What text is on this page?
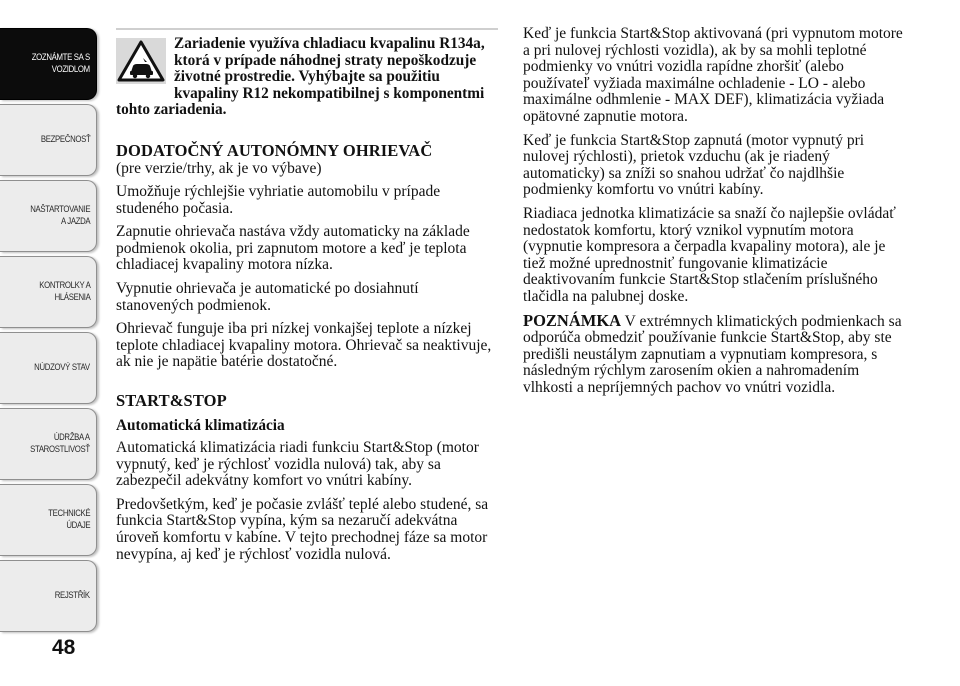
ZOZNÁMTE SA S
VOZIDLOM
BEZPEČNOSŤ
NAŠTARTOVANIE
A JAZDA
KONTROLKY A
HLÁSENIA
NÚDZOVÝ STAV
ÚDRŽBA A
STAROSTLIVOSŤ
TECHNICKÉ
ÚDAJE
REJSTŘÍK
48
Zariadenie využíva chladiacu kvapalinu R134a, ktorá v prípade náhodnej straty nepoškodzuje životné prostredie. Vyhýbajte sa použitiu kvapaliny R12 nekompatibilnej s komponentmi tohto zariadenia.
DODATOČNÝ AUTONÓMNY OHRIEVAČ
(pre verzie/trhy, ak je vo výbave)

Umožňuje rýchlejšie vyhriatie automobilu v prípade studeného počasia.

Zapnutie ohrievača nastáva vždy automaticky na základe podmienok okolia, pri zapnutom motore a keď je teplota chladiacej kvapaliny motora nízka.

Vypnutie ohrievača je automatické po dosiahnutí stanovených podmienok.

Ohrievač funguje iba pri nízkej vonkajšej teplote a nízkej teplote chladiacej kvapaliny motora. Ohrievač sa neaktivuje, ak nie je napätie batérie dostatočné.

START&STOP
Automatická klimatizácia

Automatická klimatizácia riadi funkciu Start&Stop (motor vypnutý, keď je rýchlosť vozidla nulová) tak, aby sa zabezpečil adekvátny komfort vo vnútri kabíny.

Predovšetkým, keď je počasie zvlášť teplé alebo studené, sa funkcia Start&Stop vypína, kým sa nezaručí adekvátna úroveň komfortu v kabíne. V tejto prechodnej fáze sa motor nevypína, aj keď je rýchlosť vozidla nulová.

Keď je funkcia Start&Stop aktivovaná (pri vypnutom motore a pri nulovej rýchlosti vozidla), ak by sa mohli teplotné podmienky vo vnútri vozidla rapídne zhoršiť (alebo používateľ vyžiada maximálne ochladenie - LO - alebo maximálne odhmlenie - MAX DEF), klimatizácia vyžiada opätovné zapnutie motora.

Keď je funkcia Start&Stop zapnutá (motor vypnutý pri nulovej rýchlosti), prietok vzduchu (ak je riadený automaticky) sa zníži so snahou udržať čo najdlhšie podmienky komfortu vo vnútri kabíny.

Riadiaca jednotka klimatizácie sa snaží čo najlepšie ovládať nedostatok komfortu, ktorý vznikol vypnutím motora (vypnutie kompresora a čerpadla kvapaliny motora), ale je tiež možné uprednostniť fungovanie klimatizácie deaktivovaním funkcie Start&Stop stlačením príslušného tlačidla na palubnej doske.

POZNÁMKA V extrémnych klimatických podmienkach sa odporúča obmedziť používanie funkcie Start&Stop, aby ste predišli neustálym zapnutiam a vypnutiam kompresora, s následným rýchlym zarosením okien a nahromadením vlhkosti a nepríjemných pachov vo vnútri vozidla.
